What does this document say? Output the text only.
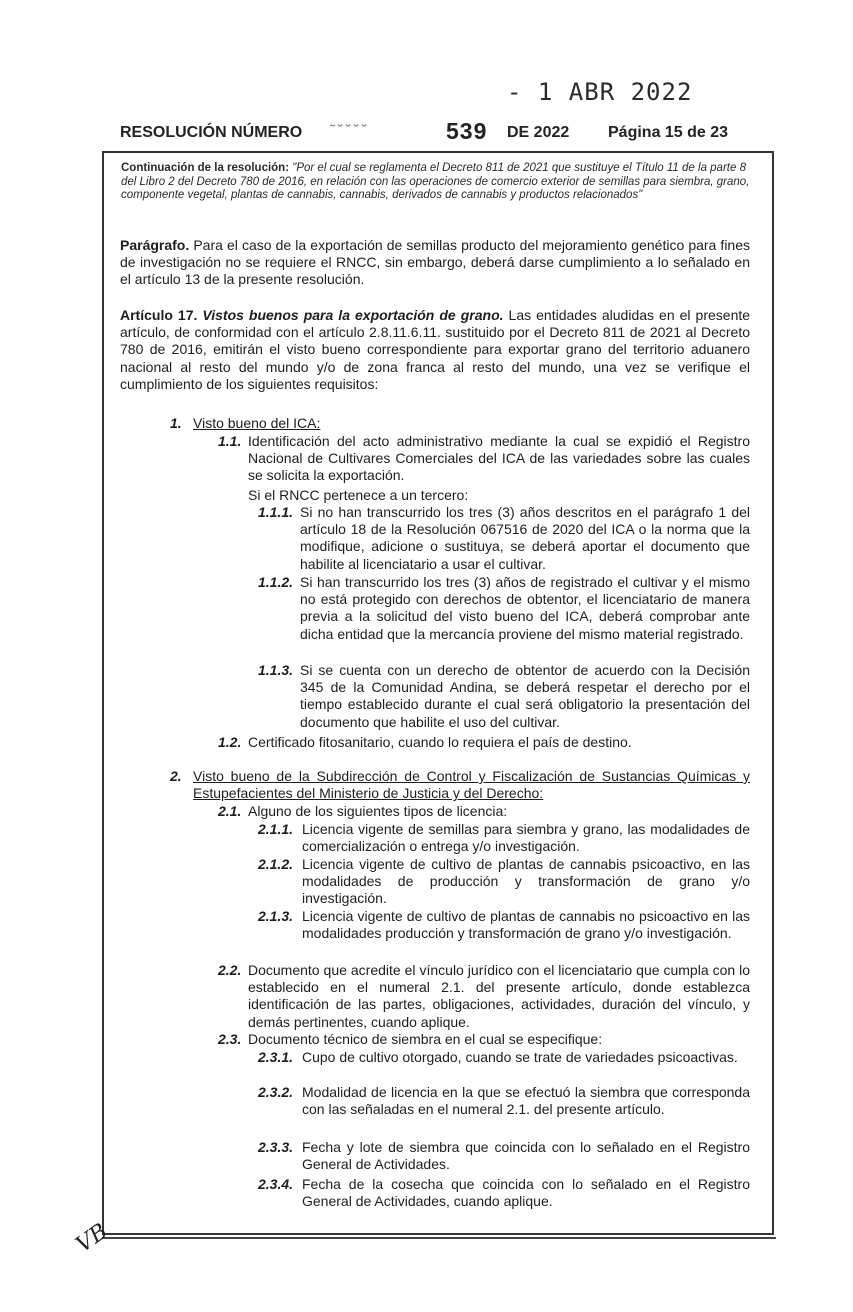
- 1 ABR 2022
RESOLUCIÓN NÚMERO ˜˘˘˘˘	539 DE 2022 Página 15 de 23
Continuación de la resolución: "Por el cual se reglamenta el Decreto 811 de 2021 que sustituye el Título 11 de la parte 8 del Libro 2 del Decreto 780 de 2016, en relación con las operaciones de comercio exterior de semillas para siembra, grano, componente vegetal, plantas de cannabis, cannabis, derivados de cannabis y productos relacionados"
Parágrafo. Para el caso de la exportación de semillas producto del mejoramiento genético para fines de investigación no se requiere el RNCC, sin embargo, deberá darse cumplimiento a lo señalado en el artículo 13 de la presente resolución.
Artículo 17. Vistos buenos para la exportación de grano. Las entidades aludidas en el presente artículo, de conformidad con el artículo 2.8.11.6.11. sustituido por el Decreto 811 de 2021 al Decreto 780 de 2016, emitirán el visto bueno correspondiente para exportar grano del territorio aduanero nacional al resto del mundo y/o de zona franca al resto del mundo, una vez se verifique el cumplimiento de los siguientes requisitos:
1. Visto bueno del ICA:
1.1. Identificación del acto administrativo mediante la cual se expidió el Registro Nacional de Cultivares Comerciales del ICA de las variedades sobre las cuales se solicita la exportación.
Si el RNCC pertenece a un tercero:
1.1.1. Si no han transcurrido los tres (3) años descritos en el parágrafo 1 del artículo 18 de la Resolución 067516 de 2020 del ICA o la norma que la modifique, adicione o sustituya, se deberá aportar el documento que habilite al licenciatario a usar el cultivar.
1.1.2. Si han transcurrido los tres (3) años de registrado el cultivar y el mismo no está protegido con derechos de obtentor, el licenciatario de manera previa a la solicitud del visto bueno del ICA, deberá comprobar ante dicha entidad que la mercancía proviene del mismo material registrado.
1.1.3. Si se cuenta con un derecho de obtentor de acuerdo con la Decisión 345 de la Comunidad Andina, se deberá respetar el derecho por el tiempo establecido durante el cual será obligatorio la presentación del documento que habilite el uso del cultivar.
1.2. Certificado fitosanitario, cuando lo requiera el país de destino.
2. Visto bueno de la Subdirección de Control y Fiscalización de Sustancias Químicas y Estupefacientes del Ministerio de Justicia y del Derecho:
2.1. Alguno de los siguientes tipos de licencia:
2.1.1. Licencia vigente de semillas para siembra y grano, las modalidades de comercialización o entrega y/o investigación.
2.1.2. Licencia vigente de cultivo de plantas de cannabis psicoactivo, en las modalidades de producción y transformación de grano y/o investigación.
2.1.3. Licencia vigente de cultivo de plantas de cannabis no psicoactivo en las modalidades producción y transformación de grano y/o investigación.
2.2. Documento que acredite el vínculo jurídico con el licenciatario que cumpla con lo establecido en el numeral 2.1. del presente artículo, donde establezca identificación de las partes, obligaciones, actividades, duración del vínculo, y demás pertinentes, cuando aplique.
2.3. Documento técnico de siembra en el cual se especifique:
2.3.1. Cupo de cultivo otorgado, cuando se trate de variedades psicoactivas.
2.3.2. Modalidad de licencia en la que se efectuó la siembra que corresponda con las señaladas en el numeral 2.1. del presente artículo.
2.3.3. Fecha y lote de siembra que coincida con lo señalado en el Registro General de Actividades.
2.3.4. Fecha de la cosecha que coincida con lo señalado en el Registro General de Actividades, cuando aplique.
VB
